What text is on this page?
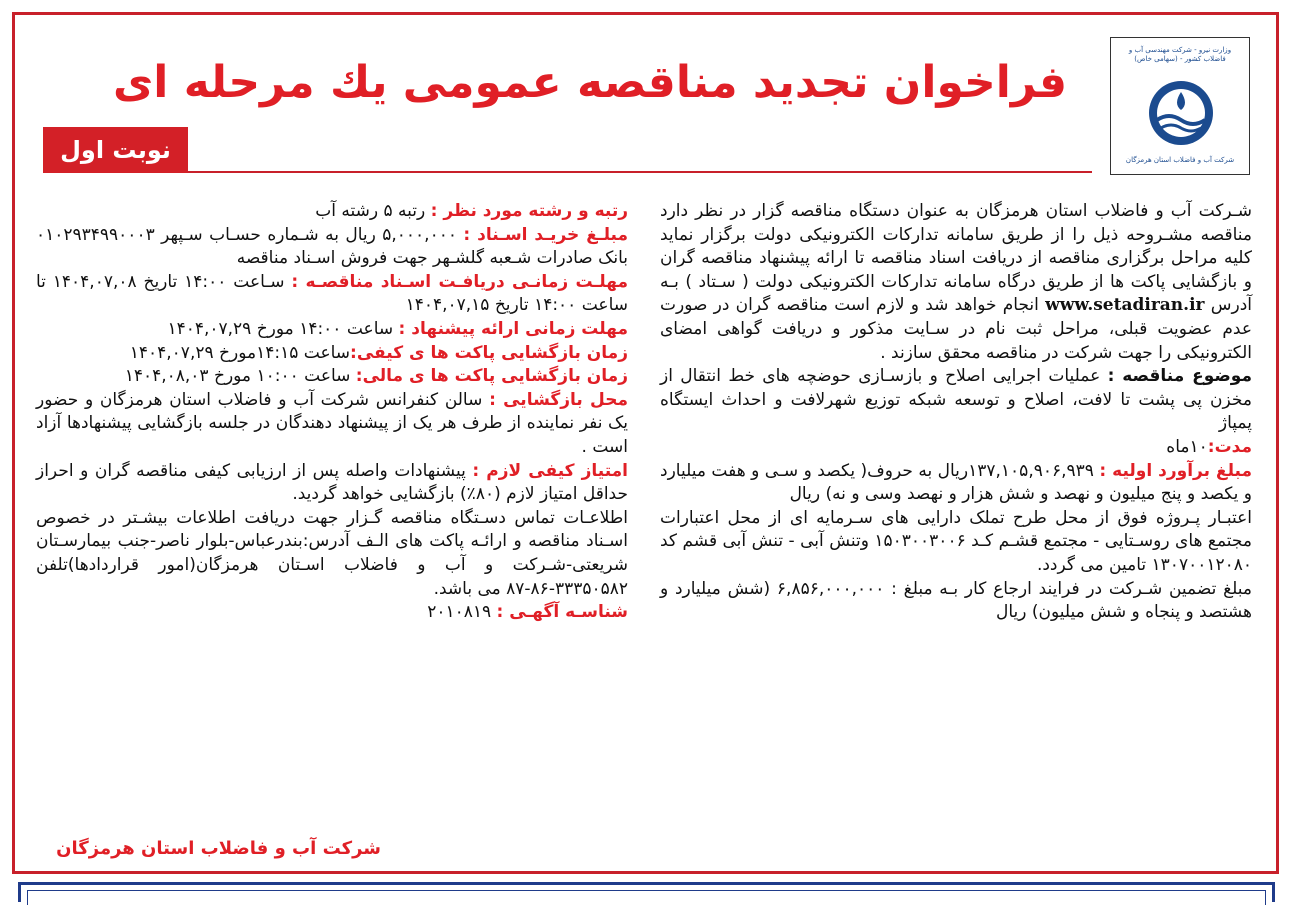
وزارت نیرو - شرکت مهندسی آب و فاضلاب کشور - (سهامی خاص)
شرکت آب و فاضلاب استان هرمزگان
فراخوان تجدید مناقصه عمومی یك مرحله ای
نوبت اول

شـرکت آب و فاضلاب استان هرمزگان به عنوان دستگاه مناقصه گزار در نظر دارد مناقصه مشـروحه ذیل را از طریق سامانه تدارکات الکترونیکی دولت برگزار نماید کلیه مراحل برگزاری مناقصه از دریافت اسناد مناقصه تا ارائه پیشنهاد مناقصه گران و بازگشایی پاکت ها از طریق درگاه سامانه تدارکات الکترونیکی دولت ( سـتاد ) بـه آدرس www.setadiran.ir انجام خواهد شد و لازم است مناقصه گران در صورت عدم عضویت قبلی، مراحل ثبت نام در سـایت مذکور و دریافت گواهی امضای الکترونیکی را جهت شرکت در مناقصه محقق سازند .

موضوع مناقصه : عملیات اجرایی اصلاح و بازسـازی حوضچه های خط انتقال از مخزن پی پشت تا لافت، اصلاح و توسعه شبکه توزیع شهرلافت و احداث ایستگاه پمپاژ

مدت:۱۰ماه

مبلغ برآورد اولیه : ۱۳۷,۱۰۵,۹۰۶,۹۳۹ریال به حروف( یکصد و سـی و هفت میلیارد و یکصد و پنج میلیون و نهصد و شش هزار و نهصد وسی و نه) ریال

اعتبـار پـروژه فوق از محل طرح تملک دارایی های سـرمایه ای از محل اعتبارات مجتمع های روسـتایی - مجتمع قشـم کـد ۱۵۰۳۰۰۳۰۰۶ وتنش آبی - تنش آبی قشم کد ۱۳۰۷۰۰۱۲۰۸۰ تامین می گردد.

مبلغ تضمین شـرکت در فرایند ارجاع کار بـه مبلغ : ۶,۸۵۶,۰۰۰,۰۰۰ (شش میلیارد و هشتصد و پنجاه و شش میلیون) ریال

رتبه و رشته مورد نظر : رتبه ۵ رشته آب

مبلـغ خریـد اسـناد : ۵,۰۰۰,۰۰۰ ریال به شـماره حسـاب سـپهر ۰۱۰۲۹۳۴۹۹۰۰۰۳ بانک صادرات شـعبه گلشـهر جهت فروش اسـناد مناقصه

مهلـت زمانـی دریافـت اسـناد مناقصـه : سـاعت ۱۴:۰۰ تاریخ ۱۴۰۴,۰۷,۰۸ تا ساعت ۱۴:۰۰ تاریخ ۱۴۰۴,۰۷,۱۵

مهلت زمانی ارائه پیشنهاد : ساعت ۱۴:۰۰ مورخ ۱۴۰۴,۰۷,۲۹

زمان بازگشایی پاکت ها ی کیفی:ساعت ۱۴:۱۵مورخ ۱۴۰۴,۰۷,۲۹

زمان بازگشایی پاکت ها ی مالی: ساعت ۱۰:۰۰ مورخ ۱۴۰۴,۰۸,۰۳

محل بازگشایی : سالن کنفرانس شرکت آب و فاضلاب استان هرمزگان و حضور یک نفر نماینده از طرف هر یک از پیشنهاد دهندگان در جلسه بازگشایی پیشنهادها آزاد است .

امتیاز کیفی لازم : پیشنهادات واصله پس از ارزیابی کیفی مناقصه گران و احراز حداقل امتیاز لازم (۸۰٪) بازگشایی خواهد گردید.

اطلاعـات تماس دسـتگاه مناقصه گـزار جهت دریافت اطلاعات بیشـتر در خصوص اسـناد مناقصه و ارائـه پاکت های الـف آدرس:بندرعباس-بلوار ناصر-جنب بیمارسـتان شریعتی-شـرکت و آب و فاضلاب اسـتان هرمزگان(امور قراردادها)تلفن ۳۳۳۵۰۵۸۲-۸۶-۸۷ می باشد.

شناسـه آگهـی : ۲۰۱۰۸۱۹

شرکت آب و فاضلاب استان هرمزگان
